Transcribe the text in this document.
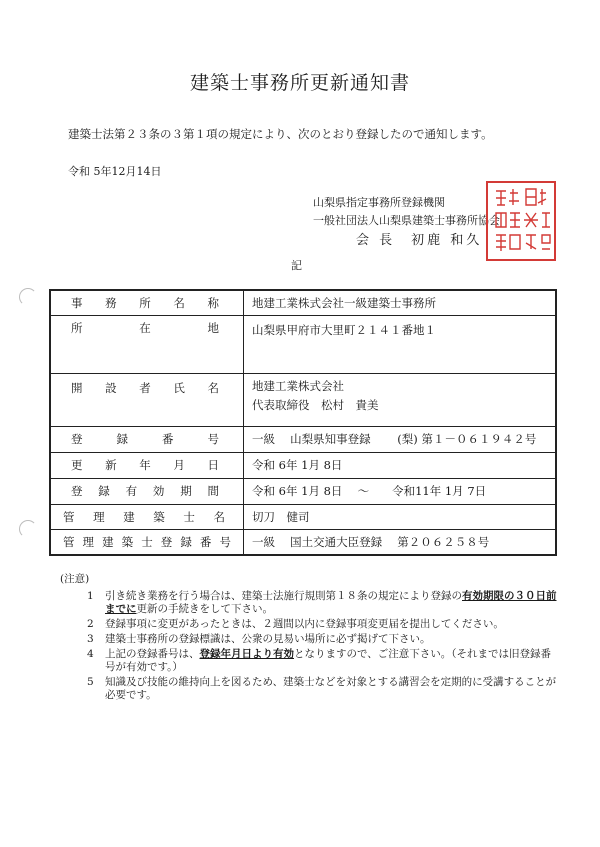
建築士事務所更新通知書
建築士法第２３条の３第１項の規定により、次のとおり登録したので通知します。
令和 5年12月14日
山梨県指定事務所登録機関
一般社団法人山梨県建築士事務所協会
会 長　初鹿 和久
記
事務所名称	地建工業株式会社一級建築士事務所
所在地	山梨県甲府市大里町２１４１番地１
開設者氏名	地建工業株式会社
代表取締役　松村　貴美

登録番号	一級　 山梨県知事登録　　 (梨) 第１－０６１９４２号
更新年月日	令和 6年 1月 8日
登録有効期間	令和 6年 1月 8日　 ～　　令和11年 1月 7日
管理建築士名	切刀　健司
管理建築士登録番号	一級　 国土交通大臣登録　 第２０６２５８号
(注意)
1 引き続き業務を行う場合は、建築士法施行規則第１８条の規定により登録の有効期限の３０日前までに更新の手続きをして下さい。
2 登録事項に変更があったときは、２週間以内に登録事項変更届を提出してください。
3 建築士事務所の登録標識は、公衆の見易い場所に必ず掲げて下さい。
4 上記の登録番号は、登録年月日より有効となりますので、ご注意下さい。（それまでは旧登録番号が有効です。）
5 知識及び技能の維持向上を図るため、建築士などを対象とする講習会を定期的に受講することが必要です。
